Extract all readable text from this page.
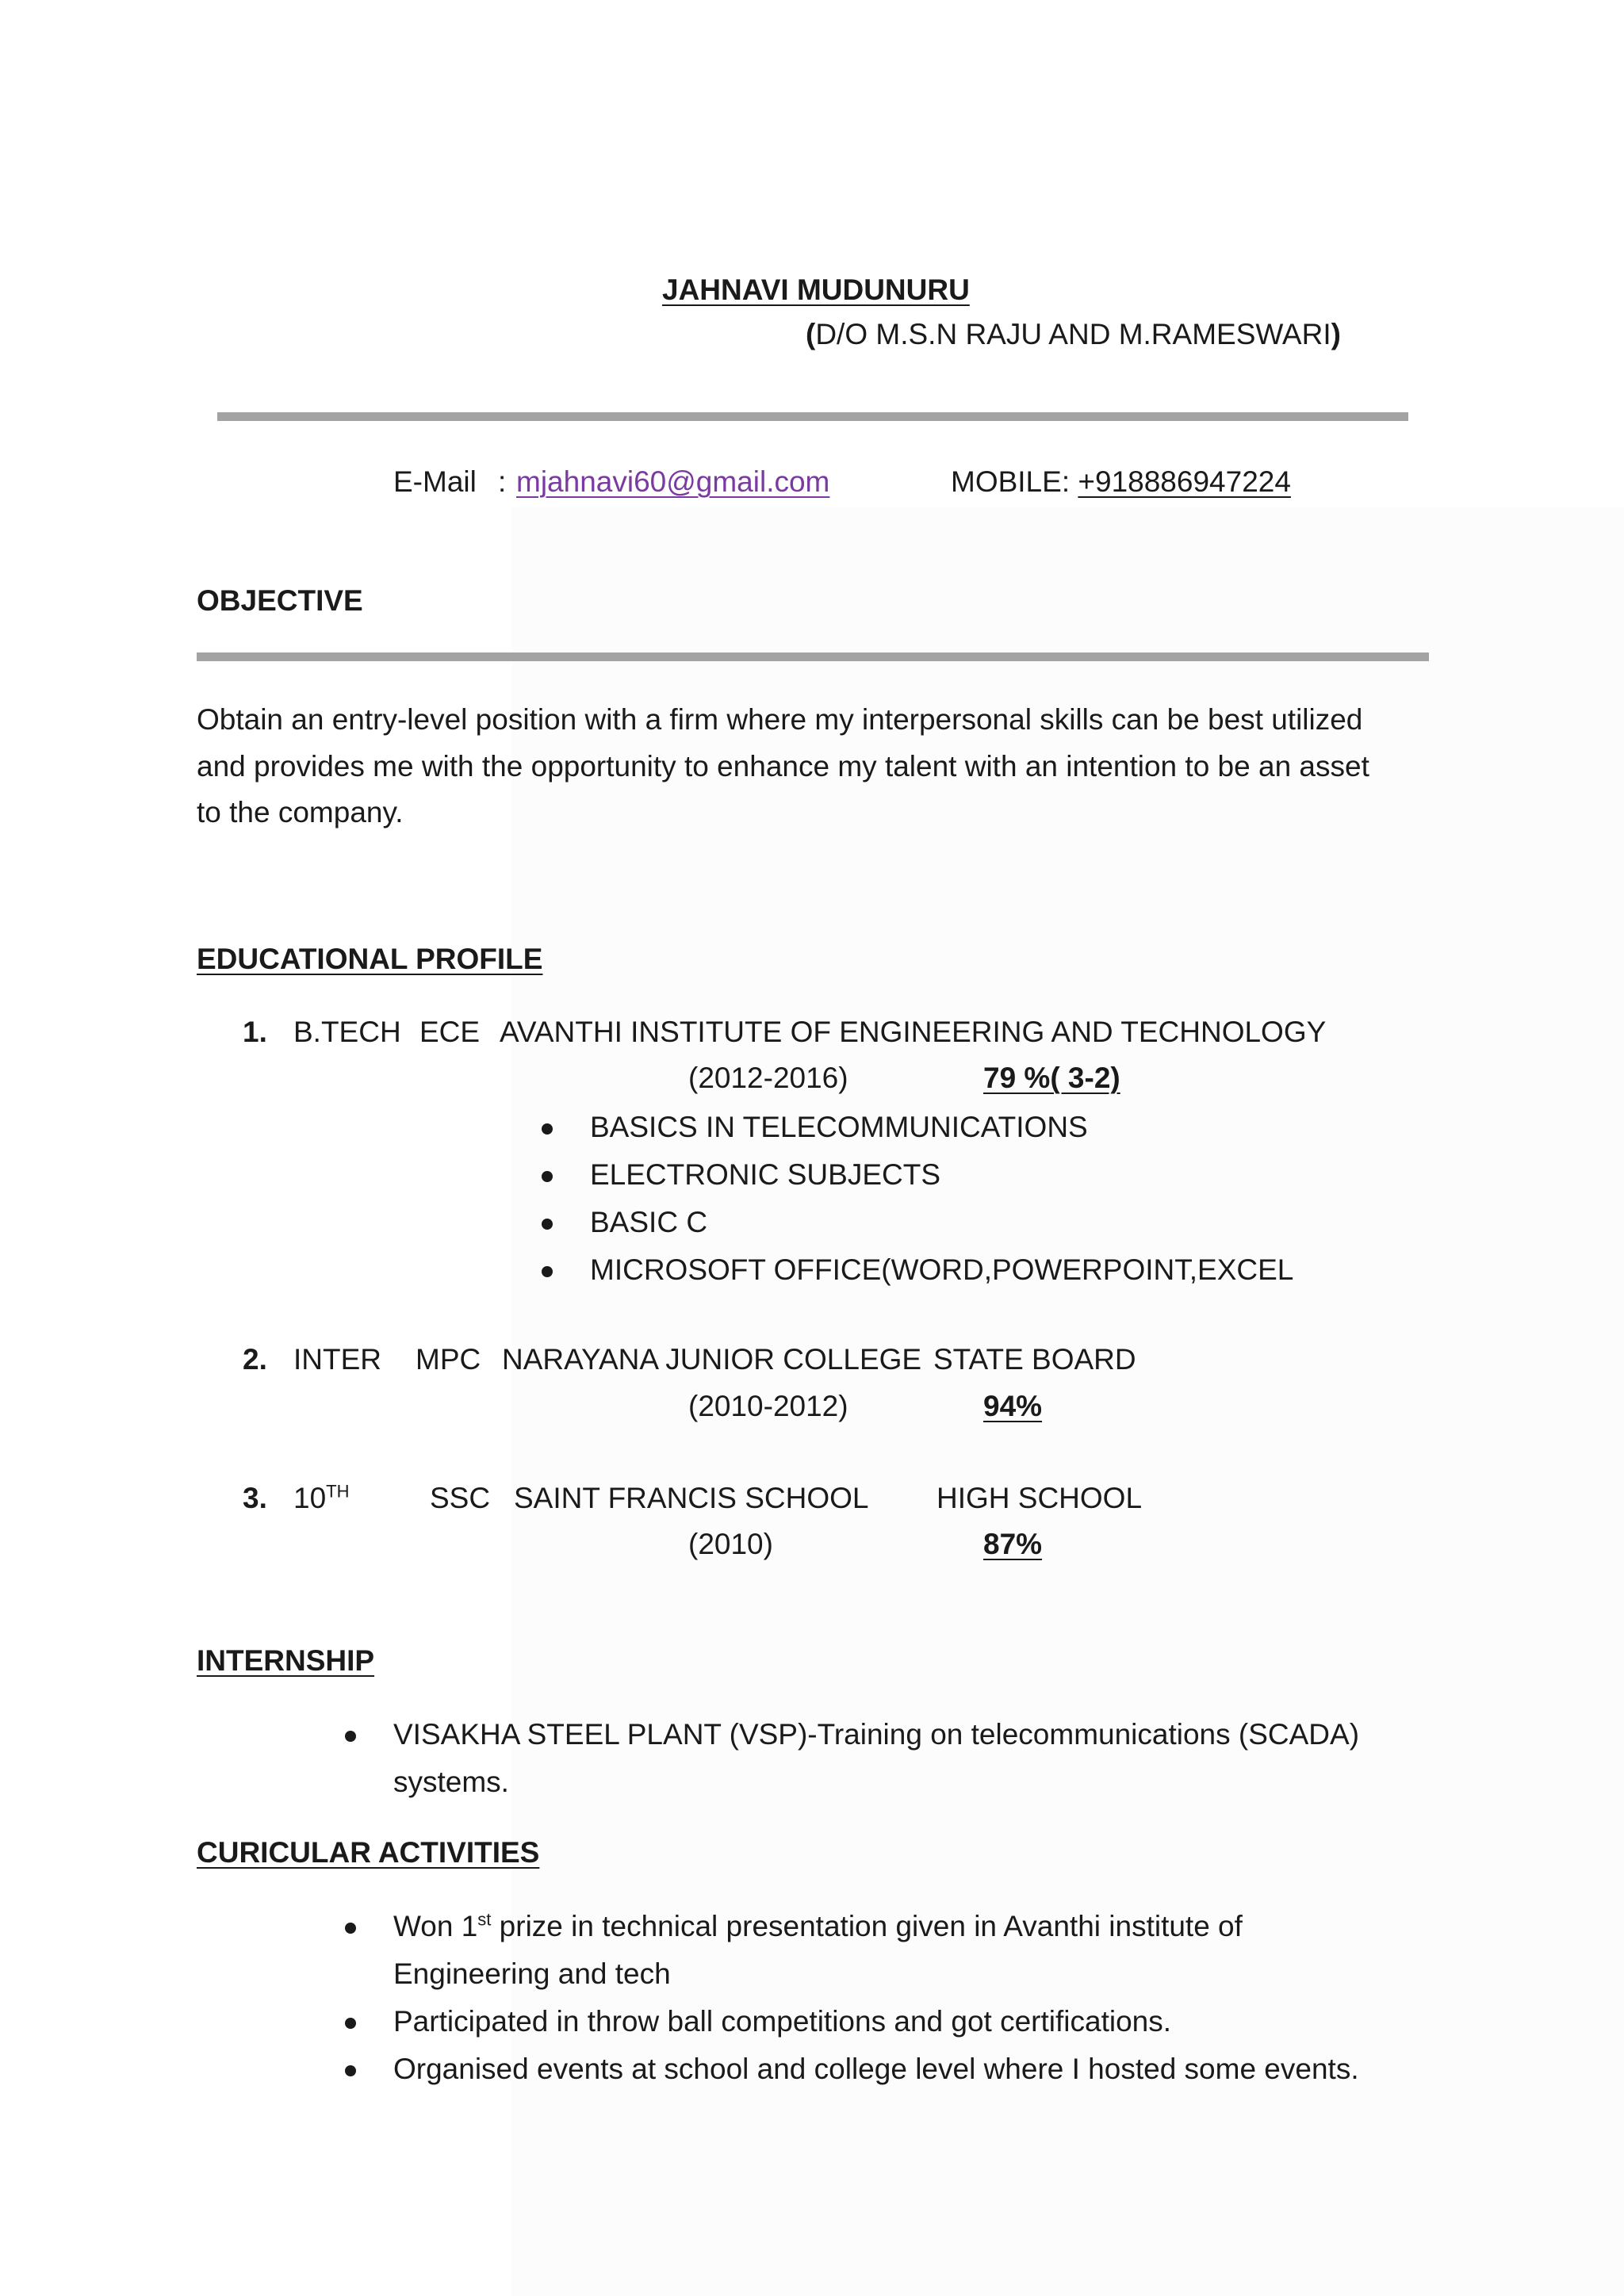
JAHNAVI MUDUNURU
(D/O M.S.N RAJU AND M.RAMESWARI)
E-Mail : mjahnavi60@gmail.com	MOBILE: +918886947224
OBJECTIVE
Obtain an entry-level position with a firm where my interpersonal skills can be best utilized
and provides me with the opportunity to enhance my talent with an intention to be an asset
to the company.
EDUCATIONAL PROFILE
1. B.TECH ECE AVANTHI INSTITUTE OF ENGINEERING AND TECHNOLOGY
(2012-2016)	79 %( 3-2)
BASICS IN TELECOMMUNICATIONS
ELECTRONIC SUBJECTS
BASIC C
MICROSOFT OFFICE(WORD,POWERPOINT,EXCEL
2. INTER MPC NARAYANA JUNIOR COLLEGE STATE BOARD
(2010-2012)	94%
3. 10TH	SSC SAINT FRANCIS SCHOOL HIGH SCHOOL
(2010)	87%
INTERNSHIP
VISAKHA STEEL PLANT (VSP)-Training on telecommunications (SCADA)
systems.
CURICULAR ACTIVITIES
Won 1st prize in technical presentation given in Avanthi institute of
Engineering and tech
Participated in throw ball competitions and got certifications.
Organised events at school and college level where I hosted some events.
